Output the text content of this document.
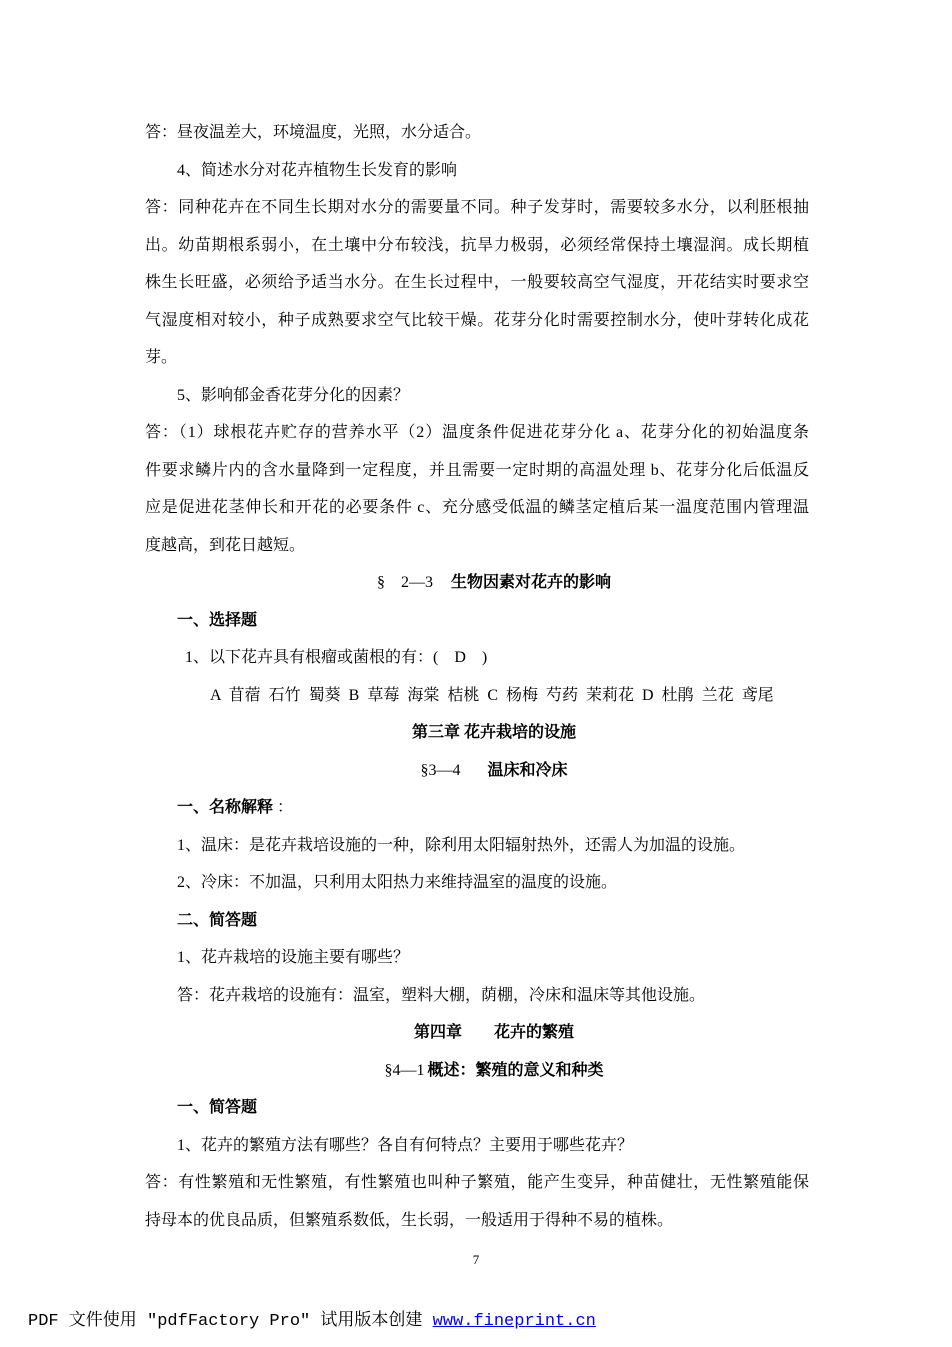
答：昼夜温差大，环境温度，光照，水分适合。
4、简述水分对花卉植物生长发育的影响
答：同种花卉在不同生长期对水分的需要量不同。种子发芽时，需要较多水分，以利胚根抽
出。幼苗期根系弱小，在土壤中分布较浅，抗旱力极弱，必须经常保持土壤湿润。成长期植
株生长旺盛，必须给予适当水分。在生长过程中，一般要较高空气湿度，开花结实时要求空
气湿度相对较小，种子成熟要求空气比较干燥。花芽分化时需要控制水分，使叶芽转化成花
芽。
5、影响郁金香花芽分化的因素？
答：（1）球根花卉贮存的营养水平（2）温度条件促进花芽分化 a、花芽分化的初始温度条
件要求鳞片内的含水量降到一定程度，并且需要一定时期的高温处理 b、花芽分化后低温反
应是促进花茎伸长和开花的必要条件 c、充分感受低温的鳞茎定植后某一温度范围内管理温
度越高，到花日越短。
§　2—3 生物因素对花卉的影响
一、选择题
1、以下花卉具有根瘤或菌根的有：(　D　)
A 苜蓿 石竹 蜀葵 B 草莓 海棠 桔桃 C 杨梅 芍药 茉莉花 D 杜鹃 兰花 鸢尾
第三章 花卉栽培的设施
§3—4 温床和冷床
一、名称解释 ：
1、温床：是花卉栽培设施的一种，除利用太阳辐射热外，还需人为加温的设施。
2、冷床：不加温，只利用太阳热力来维持温室的温度的设施。
二、简答题
1、花卉栽培的设施主要有哪些？
答：花卉栽培的设施有：温室，塑料大棚，荫棚，冷床和温床等其他设施。
第四章　　花卉的繁殖
§4—1 概述：繁殖的意义和种类
一、简答题
1、花卉的繁殖方法有哪些？各自有何特点？主要用于哪些花卉？
答：有性繁殖和无性繁殖，有性繁殖也叫种子繁殖，能产生变异，种苗健壮，无性繁殖能保
持母本的优良品质，但繁殖系数低，生长弱，一般适用于得种不易的植株。
7
PDF 文件使用 "pdfFactory Pro" 试用版本创建 www.fineprint.cn
